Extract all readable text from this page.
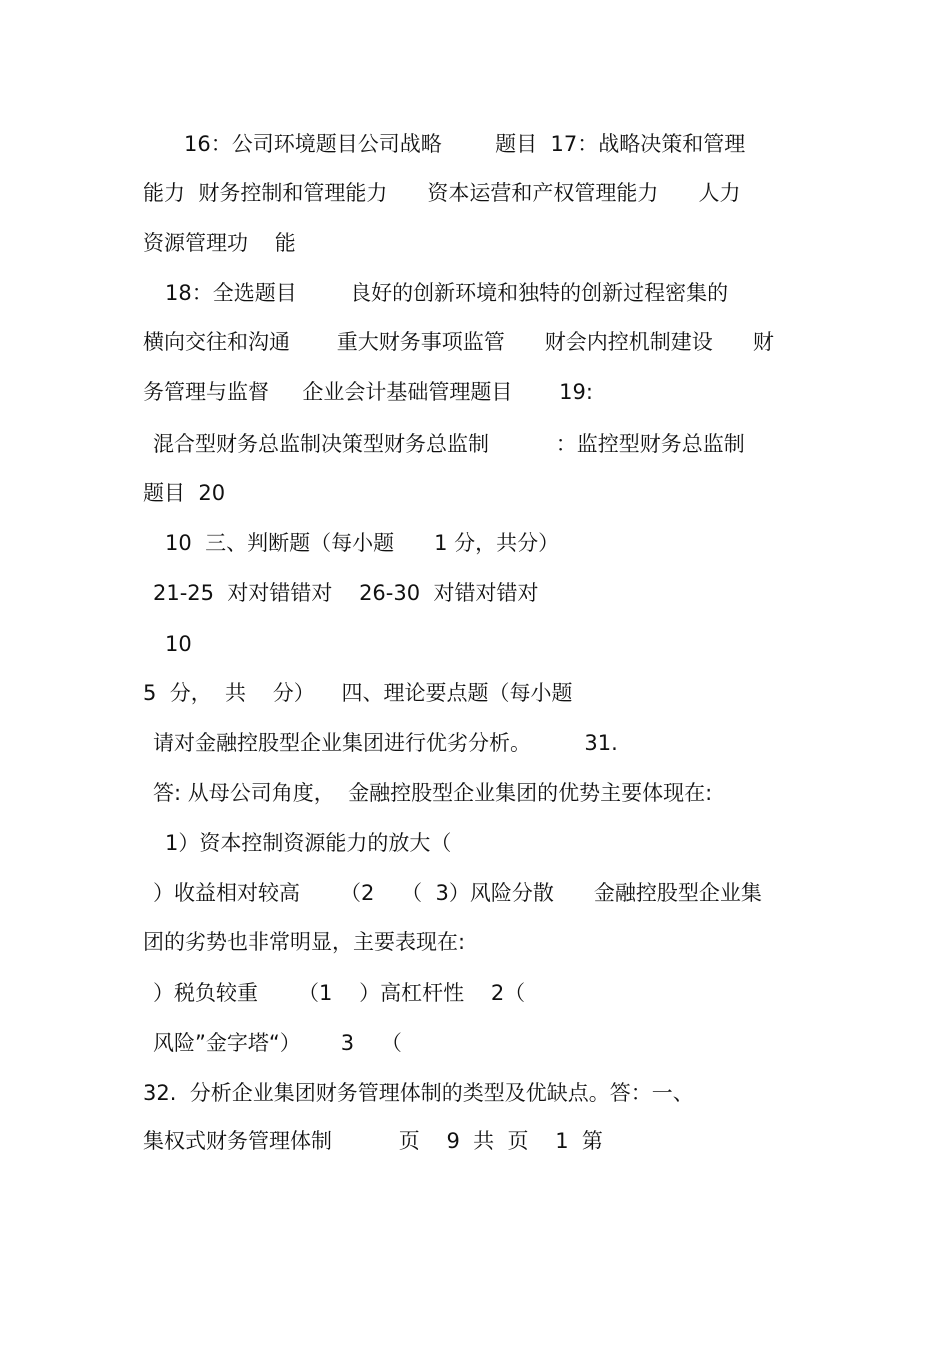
16：公司环境题目公司战略        题目  17：战略决策和管理
能力  财务控制和管理能力      资本运营和产权管理能力      人力
资源管理功    能
18：全选题目        良好的创新环境和独特的创新过程密集的
横向交往和沟通       重大财务事项监管      财会内控机制建设      财
务管理与监督     企业会计基础管理题目       19:
混合型财务总监制决策型财务总监制          ：监控型财务总监制
题目  20
10  三、判断题（每小题      1 分，共分）
21-25  对对错错对    26-30  对错对错对
10
5  分，  共    分）    四、理论要点题（每小题
请对金融控股型企业集团进行优劣分析。        31.
答: 从母公司角度，  金融控股型企业集团的优势主要体现在:
1）资本控制资源能力的放大（
）收益相对较高      （2    （  3）风险分散      金融控股型企业集
团的劣势也非常明显，主要表现在:
）税负较重      （1    ）高杠杆性    2（
风险”金字塔“）      3    （
32.  分析企业集团财务管理体制的类型及优缺点。答：一、
集权式财务管理体制          页    9  共  页    1  第
